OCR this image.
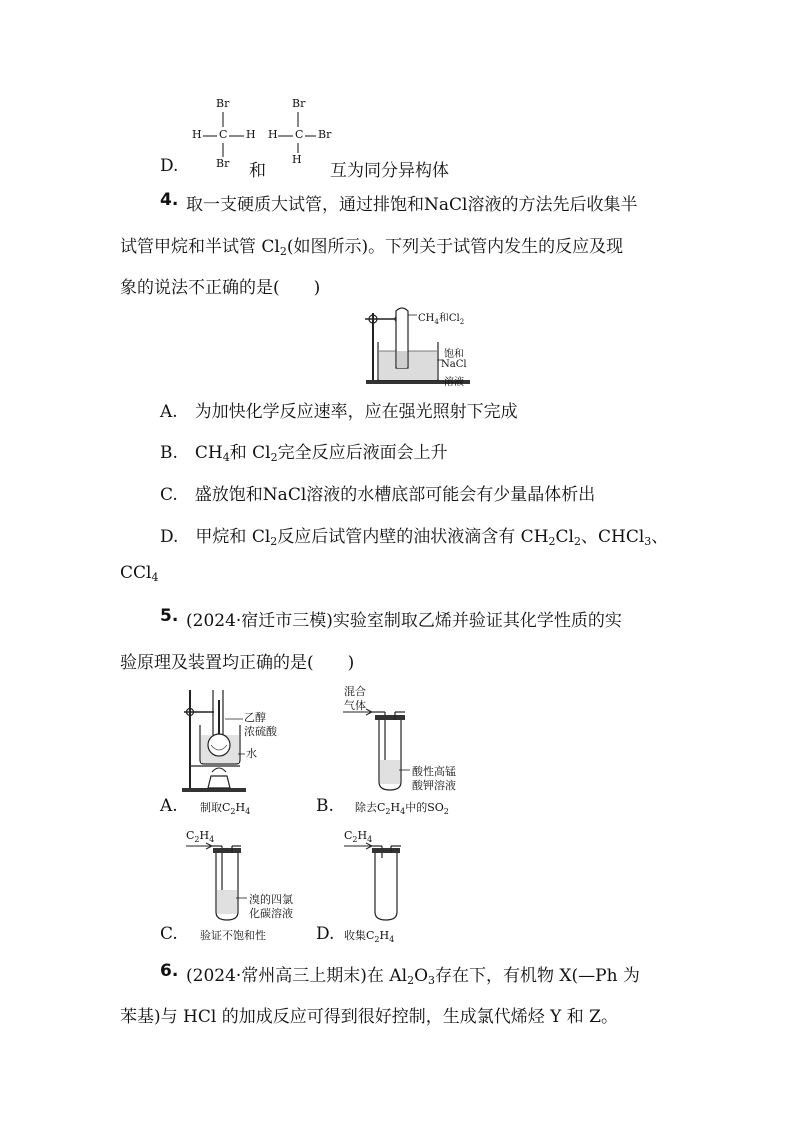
D.
Br
H C H
Br 和
Br
H C Br
H
互为同分异构体
4. 取一支硬质大试管，通过排饱和NaCl溶液的方法先后收集半
试管甲烷和半试管 $Cl_2$(如图所示)。下列关于试管内发生的反应及现
象的说法不正确的是(　　)
$CH_4$和$Cl_2$
饱和
NaCl
溶液
A.　为加快化学反应速率，应在强光照射下完成
B.　$CH_4$和 $Cl_2$完全反应后液面会上升
C.　盛放饱和NaCl溶液的水槽底部可能会有少量晶体析出
D.　甲烷和 $Cl_2$反应后试管内壁的油状液滴含有 $CH_2Cl_2$、CHCl$_3$、
CCl$_4$
5. (2024·宿迁市三模)实验室制取乙烯并验证其化学性质的实
验原理及装置均正确的是(　　)
乙醇
浓硫酸
水
A. 制取$C_2H_4$
混合
气体
酸性高锰
酸钾溶液
B. 除去$C_2H_4$中的$SO_2$
$C_2H_4$
溴的四氯
化碳溶液
C. 验证不饱和性
$C_2H_4$
D. 收集$C_2H_4$
6. (2024·常州高三上期末)在 $Al_2O_3$存在下，有机物 X(—Ph 为
苯基)与 HCl 的加成反应可得到很好控制，生成氯代烯烃 Y 和 Z。
